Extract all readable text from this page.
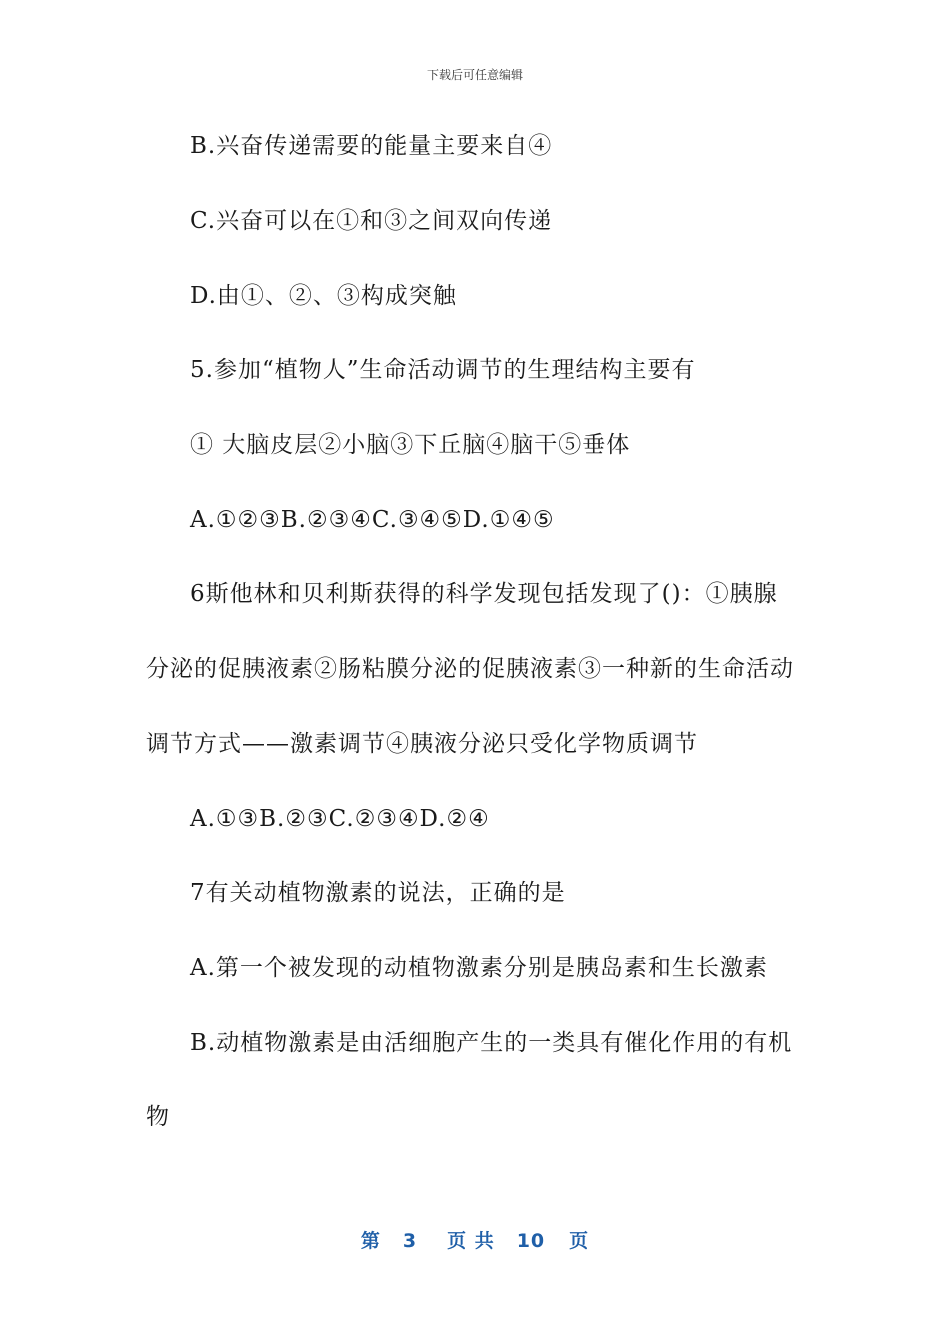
下载后可任意编辑
B.兴奋传递需要的能量主要来自④
C.兴奋可以在①和③之间双向传递
D.由①、②、③构成突触
5.参加“植物人”生命活动调节的生理结构主要有
① 大脑皮层②小脑③下丘脑④脑干⑤垂体
A.①②③B.②③④C.③④⑤D.①④⑤
6斯他林和贝利斯获得的科学发现包括发现了()：①胰腺
分泌的促胰液素②肠粘膜分泌的促胰液素③一种新的生命活动
调节方式——激素调节④胰液分泌只受化学物质调节
A.①③B.②③C.②③④D.②④
7有关动植物激素的说法，正确的是
A.第一个被发现的动植物激素分别是胰岛素和生长激素
B.动植物激素是由活细胞产生的一类具有催化作用的有机
物
第 3 页 共 10 页
